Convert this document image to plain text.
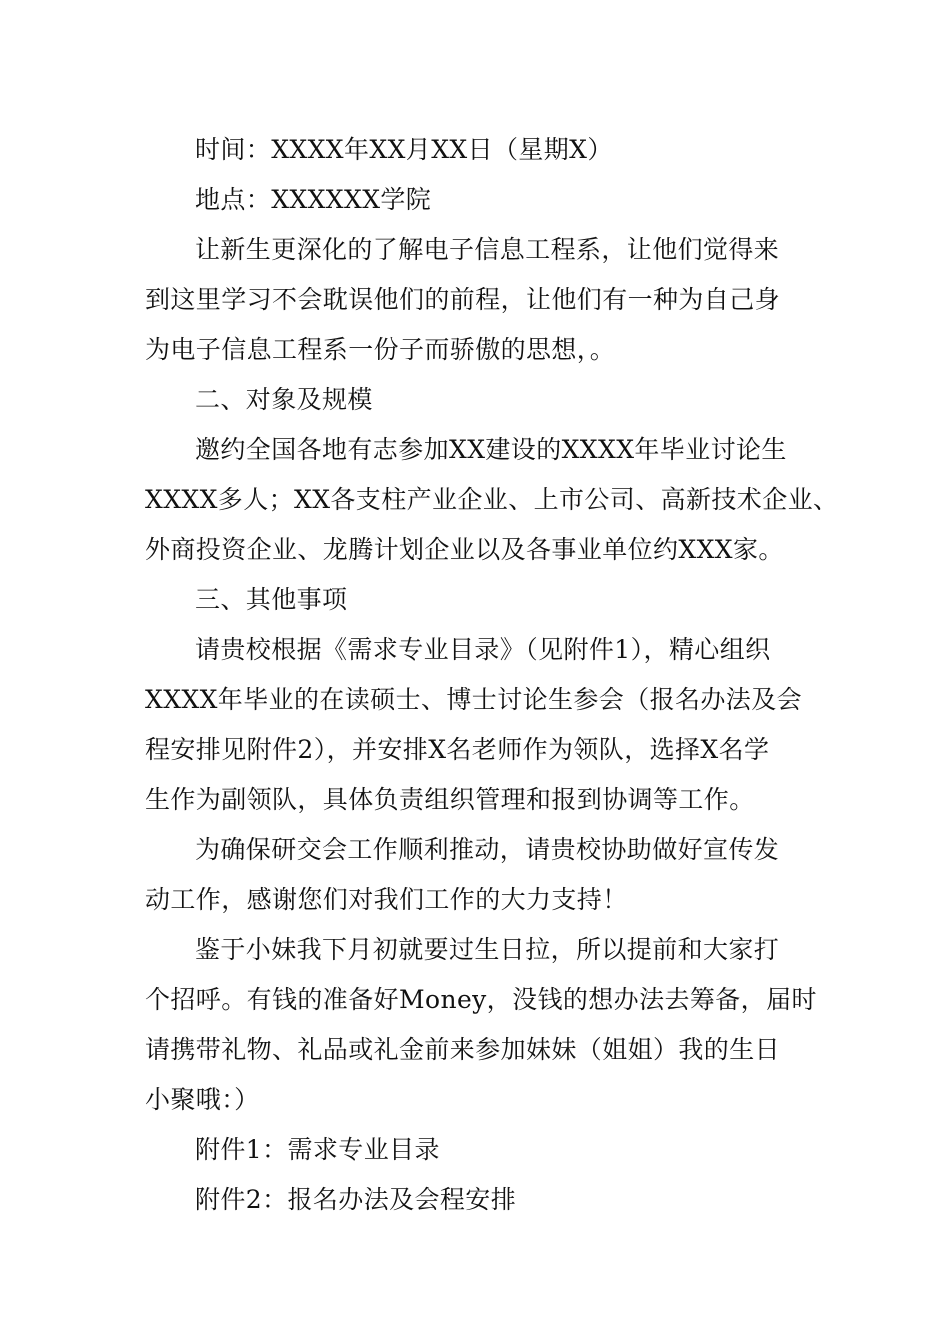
时间：XXXX年XX月XX日（星期X）
地点：XXXXXX学院
让新生更深化的了解电子信息工程系，让他们觉得来
到这里学习不会耽误他们的前程，让他们有一种为自己身
为电子信息工程系一份子而骄傲的思想，。
二、对象及规模
邀约全国各地有志参加XX建设的XXXX年毕业讨论生
XXXX多人；XX各支柱产业企业、上市公司、高新技术企业、
外商投资企业、龙腾计划企业以及各事业单位约XXX家。
三、其他事项
请贵校根据《需求专业目录》（见附件1），精心组织
XXXX年毕业的在读硕士、博士讨论生参会（报名办法及会
程安排见附件2），并安排X名老师作为领队，选择X名学
生作为副领队，具体负责组织管理和报到协调等工作。
为确保研交会工作顺利推动，请贵校协助做好宣传发
动工作，感谢您们对我们工作的大力支持！
鉴于小妹我下月初就要过生日拉，所以提前和大家打
个招呼。有钱的准备好Money，没钱的想办法去筹备，届时
请携带礼物、礼品或礼金前来参加妹妹（姐姐）我的生日
小聚哦：）
附件1：需求专业目录
附件2：报名办法及会程安排
